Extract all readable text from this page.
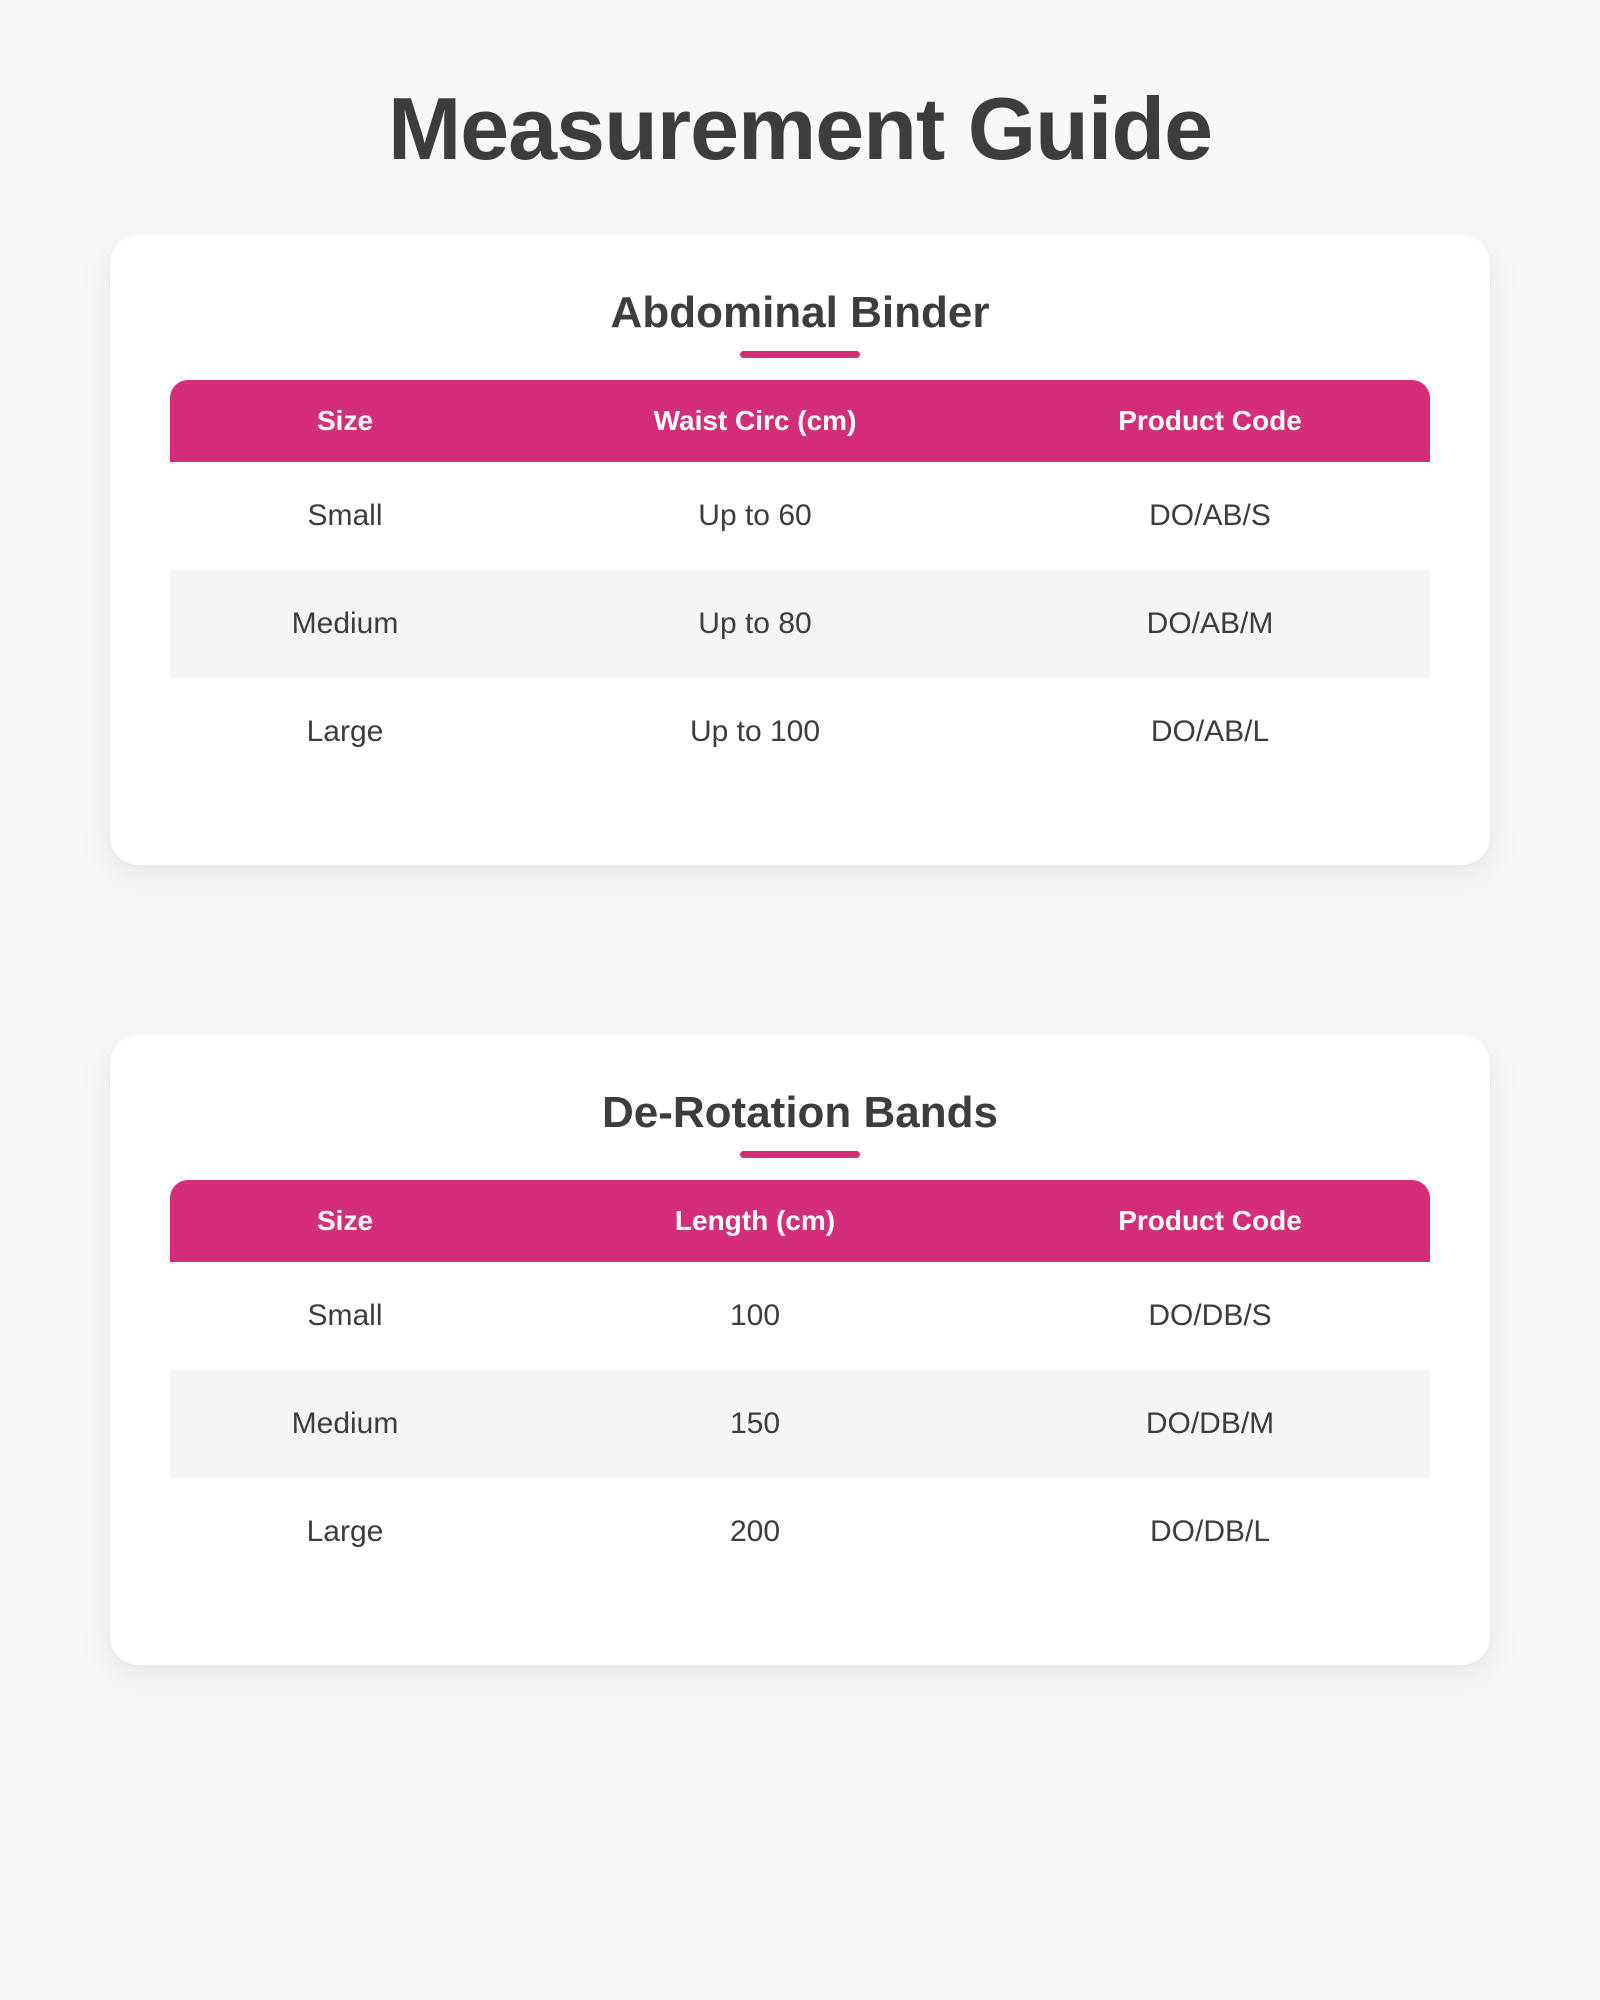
Measurement Guide
Abdominal Binder
Size	Waist Circ (cm)	Product Code
Small	Up to 60	DO/AB/S
Medium	Up to 80	DO/AB/M
Large	Up to 100	DO/AB/L
De-Rotation Bands
Size	Length (cm)	Product Code
Small	100	DO/DB/S
Medium	150	DO/DB/M
Large	200	DO/DB/L
